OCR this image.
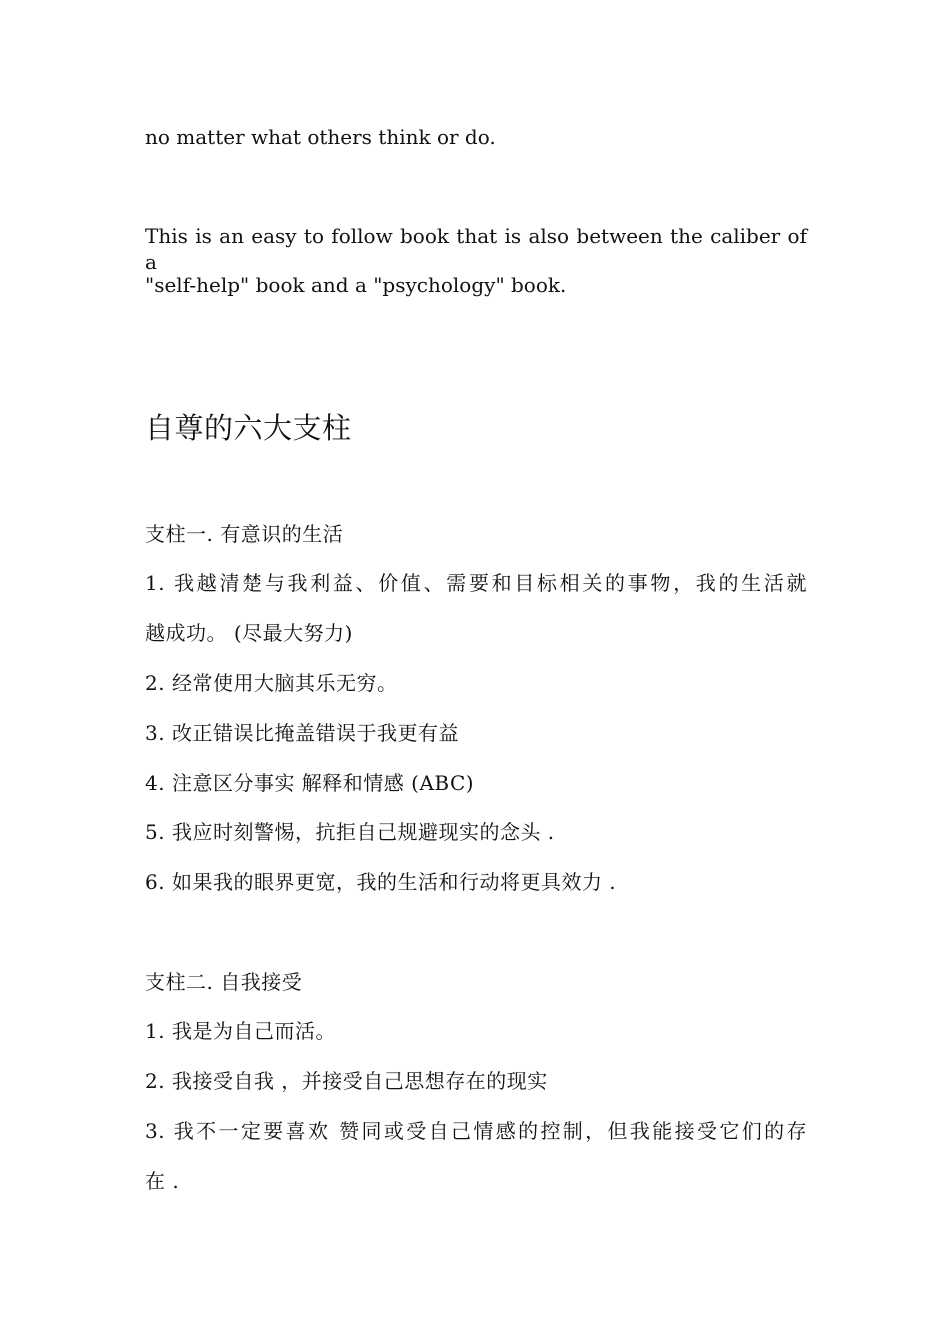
no matter what others think or do.

This is an easy to follow book that is also between the caliber of a

"self-help" book and a "psychology" book.

自尊的六大支柱

支柱一. 有意识的生活

1. 我越清楚与我利益、价值、需要和目标相关的事物，我的生活就

越成功。 (尽最大努力)

2. 经常使用大脑其乐无穷。

3. 改正错误比掩盖错误于我更有益

4. 注意区分事实 解释和情感 (ABC)

5. 我应时刻警惕，抗拒自己规避现实的念头 .

6. 如果我的眼界更宽，我的生活和行动将更具效力 .

支柱二. 自我接受

1. 我是为自己而活。

2. 我接受自我 ，并接受自己思想存在的现实

3. 我不一定要喜欢 赞同或受自己情感的控制，但我能接受它们的存

在 .
